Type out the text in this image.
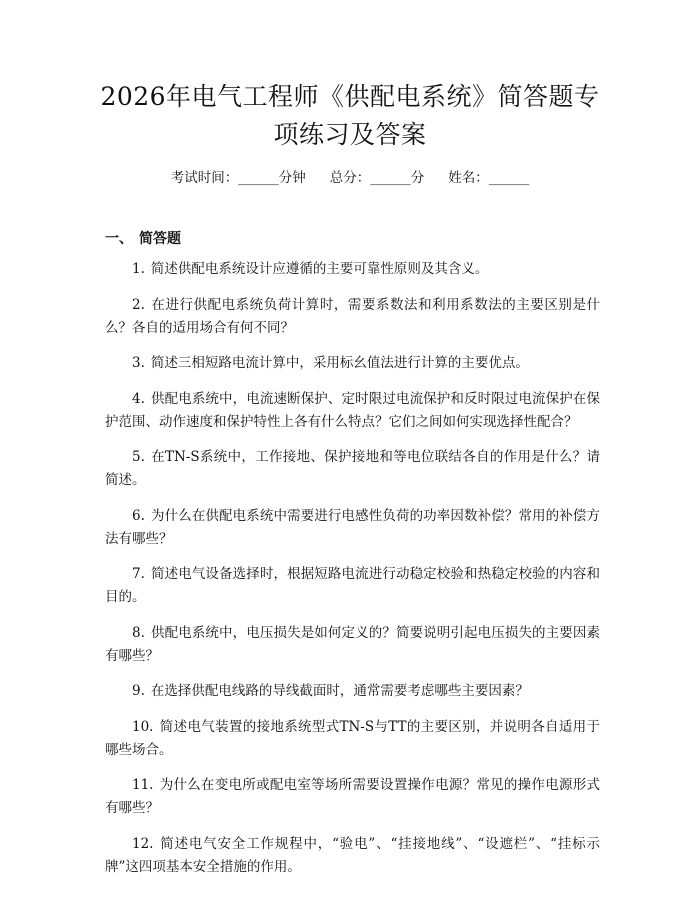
2026年电气工程师《供配电系统》简答题专
项练习及答案
考试时间：______分钟 总分：______分 姓名：______
一、 简答题
1. 简述供配电系统设计应遵循的主要可靠性原则及其含义。
2. 在进行供配电系统负荷计算时，需要系数法和利用系数法的主要区别是什么？各自的适用场合有何不同？
3. 简述三相短路电流计算中，采用标幺值法进行计算的主要优点。
4. 供配电系统中，电流速断保护、定时限过电流保护和反时限过电流保护在保护范围、动作速度和保护特性上各有什么特点？它们之间如何实现选择性配合？
5. 在TN-S系统中，工作接地、保护接地和等电位联结各自的作用是什么？请简述。
6. 为什么在供配电系统中需要进行电感性负荷的功率因数补偿？常用的补偿方法有哪些？
7. 简述电气设备选择时，根据短路电流进行动稳定校验和热稳定校验的内容和目的。
8. 供配电系统中，电压损失是如何定义的？简要说明引起电压损失的主要因素有哪些？
9. 在选择供配电线路的导线截面时，通常需要考虑哪些主要因素？
10. 简述电气装置的接地系统型式TN-S与TT的主要区别，并说明各自适用于哪些场合。
11. 为什么在变电所或配电室等场所需要设置操作电源？常见的操作电源形式有哪些？
12. 简述电气安全工作规程中，“验电”、“挂接地线”、“设遮栏”、“挂标示牌”这四项基本安全措施的作用。
